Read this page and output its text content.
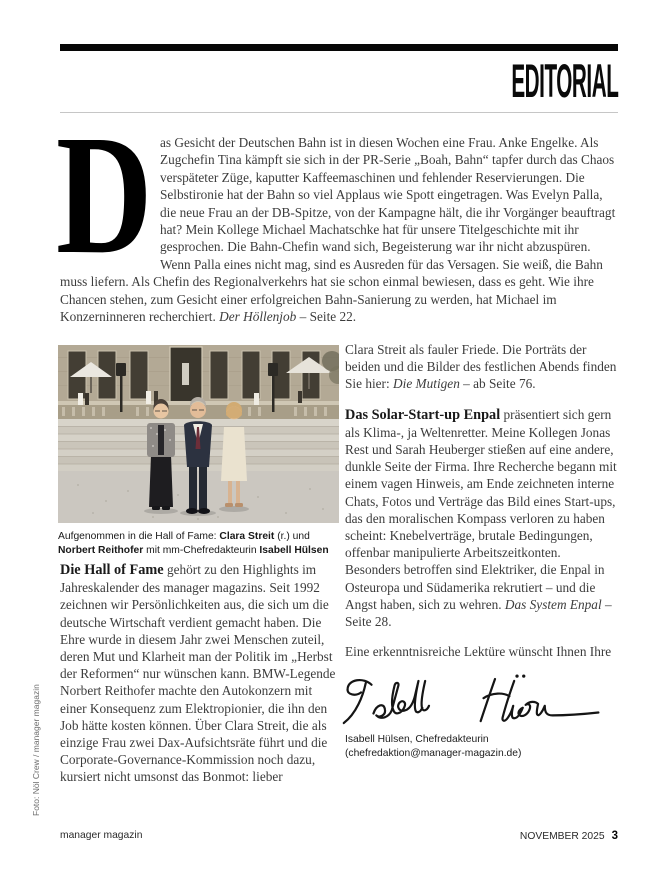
EDITORIAL
D as Gesicht der Deutschen Bahn ist in diesen Wochen eine Frau. Anke Engelke. Als Zugchefin Tina kämpft sie sich in der PR-Serie „Boah, Bahn“ tapfer durch das Chaos verspäteter Züge, kaputter Kaffeemaschinen und fehlender Reservierungen. Die Selbstironie hat der Bahn so viel Applaus wie Spott eingetragen. Was Evelyn Palla, die neue Frau an der DB-Spitze, von der Kampagne hält, die ihr Vorgänger beauftragt hat? Mein Kollege Michael Machatschke hat für unsere Titelgeschichte mit ihr gesprochen. Die Bahn-Chefin wand sich, Begeisterung war ihr nicht abzuspüren. Wenn Palla eines nicht mag, sind es Ausreden für das Versagen. Sie weiß, die Bahn muss liefern. Als Chefin des Regionalverkehrs hat sie schon einmal bewiesen, dass es geht. Wie ihre Chancen stehen, zum Gesicht einer erfolgreichen Bahn-Sanierung zu werden, hat Michael im Konzerninneren recherchiert. Der Höllenjob – Seite 22.

Aufgenommen in die Hall of Fame: Clara Streit (r.) und Norbert Reithofer mit mm-Chefredakteurin Isabell Hülsen

Die Hall of Fame gehört zu den Highlights im Jahreskalender des manager magazins. Seit 1992 zeichnen wir Persönlichkeiten aus, die sich um die deutsche Wirtschaft verdient gemacht haben. Die Ehre wurde in diesem Jahr zwei Menschen zuteil, deren Mut und Klarheit man der Politik im „Herbst der Reformen“ nur wünschen kann. BMW-Legende Norbert Reithofer machte den Autokonzern mit einer Konsequenz zum Elektropionier, die ihn den Job hätte kosten können. Über Clara Streit, die als einzige Frau zwei Dax-Aufsichtsräte führt und die Corporate-Governance-Kommission noch dazu, kursiert nicht umsonst das Bonmot: lieber

Clara Streit als fauler Friede. Die Porträts der beiden und die Bilder des festlichen Abends finden Sie hier: Die Mutigen – ab Seite 76.

Das Solar-Start-up Enpal präsentiert sich gern als Klima-, ja Weltenretter. Meine Kollegen Jonas Rest und Sarah Heuberger stießen auf eine andere, dunkle Seite der Firma. Ihre Recherche begann mit einem vagen Hinweis, am Ende zeichneten interne Chats, Fotos und Verträge das Bild eines Start-ups, das den moralischen Kompass verloren zu haben scheint: Knebelverträge, brutale Bedingungen, offenbar manipulierte Arbeitszeitkonten. Besonders betroffen sind Elektriker, die Enpal in Osteuropa und Südamerika rekrutiert – und die Angst haben, sich zu wehren. Das System Enpal – Seite 28.

Eine erkenntnisreiche Lektüre wünscht Ihnen Ihre

Isabell Hülsen, Chefredakteurin
(chefredaktion@manager-magazin.de)
Foto: Nöl Crew / manager magazin
manager magazin	NOVEMBER 2025 3
